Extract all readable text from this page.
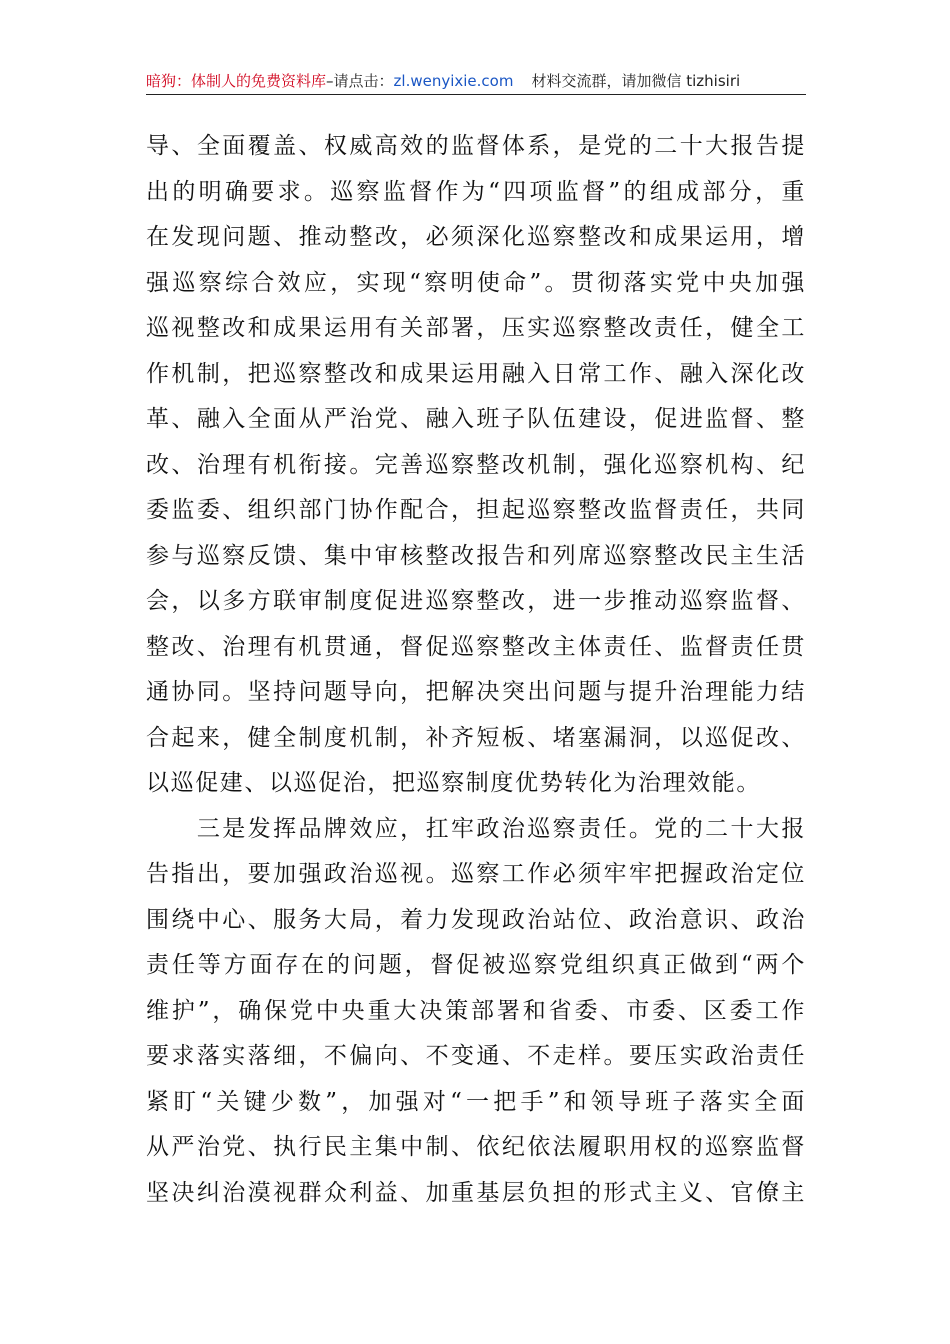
暗狗：体制人的免费资料库–请点击：zl.wenyixie.com 材料交流群，请加微信 tizhisiri
导、全面覆盖、权威高效的监督体系，是党的二十大报告提
出的明确要求。巡察监督作为“四项监督”的组成部分，重
在发现问题、推动整改，必须深化巡察整改和成果运用，增
强巡察综合效应，实现“察明使命”。贯彻落实党中央加强
巡视整改和成果运用有关部署，压实巡察整改责任，健全工
作机制，把巡察整改和成果运用融入日常工作、融入深化改
革、融入全面从严治党、融入班子队伍建设，促进监督、整
改、治理有机衔接。完善巡察整改机制，强化巡察机构、纪
委监委、组织部门协作配合，担起巡察整改监督责任，共同
参与巡察反馈、集中审核整改报告和列席巡察整改民主生活
会，以多方联审制度促进巡察整改，进一步推动巡察监督、
整改、治理有机贯通，督促巡察整改主体责任、监督责任贯
通协同。坚持问题导向，把解决突出问题与提升治理能力结
合起来，健全制度机制，补齐短板、堵塞漏洞，以巡促改、
以巡促建、以巡促治，把巡察制度优势转化为治理效能。
　　三是发挥品牌效应，扛牢政治巡察责任。党的二十大报
告指出，要加强政治巡视。巡察工作必须牢牢把握政治定位
围绕中心、服务大局，着力发现政治站位、政治意识、政治
责任等方面存在的问题，督促被巡察党组织真正做到“两个
维护”，确保党中央重大决策部署和省委、市委、区委工作
要求落实落细，不偏向、不变通、不走样。要压实政治责任
紧盯“关键少数”，加强对“一把手”和领导班子落实全面
从严治党、执行民主集中制、依纪依法履职用权的巡察监督
坚决纠治漠视群众利益、加重基层负担的形式主义、官僚主
